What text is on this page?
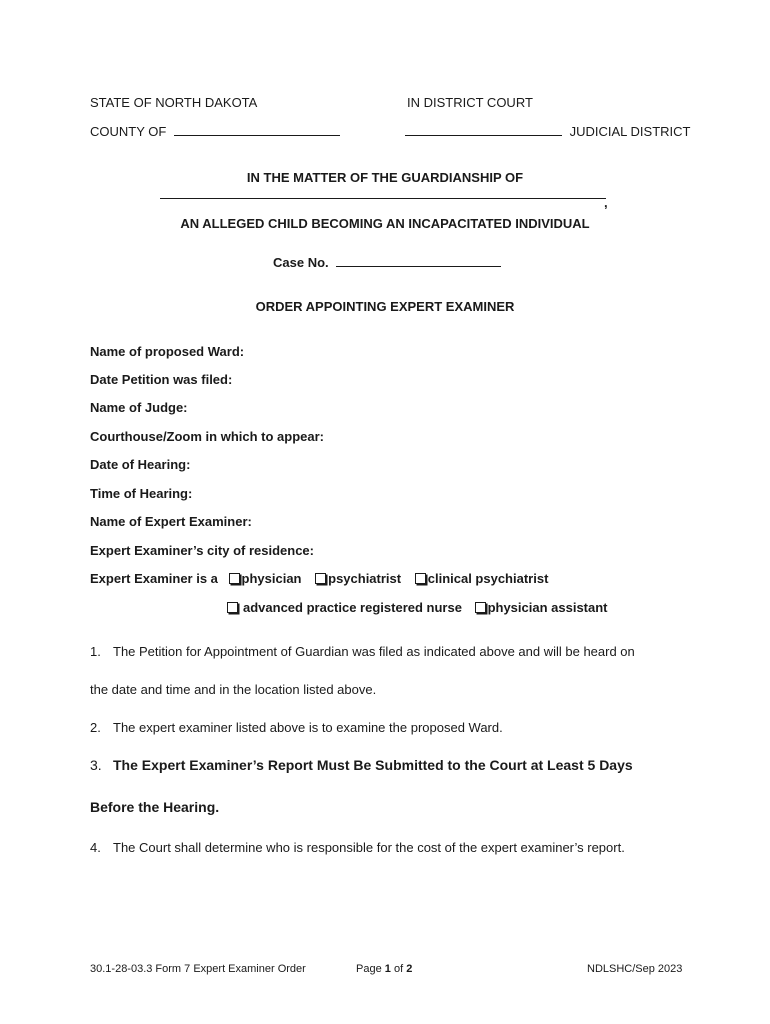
STATE OF NORTH DAKOTA	IN DISTRICT COURT
COUNTY OF	JUDICIAL DISTRICT
IN THE MATTER OF THE GUARDIANSHIP OF
,
AN ALLEGED CHILD BECOMING AN INCAPACITATED INDIVIDUAL
Case No.
ORDER APPOINTING EXPERT EXAMINER
Name of proposed Ward:
Date Petition was filed:
Name of Judge:
Courthouse/Zoom in which to appear:
Date of Hearing:
Time of Hearing:
Name of Expert Examiner:
Expert Examiner’s city of residence:
Expert Examiner is a physician psychiatrist clinical psychiatrist
advanced practice registered nurse physician assistant
1. The Petition for Appointment of Guardian was filed as indicated above and will be heard on
the date and time and in the location listed above.
2. The expert examiner listed above is to examine the proposed Ward.
3. The Expert Examiner’s Report Must Be Submitted to the Court at Least 5 Days
Before the Hearing.
4. The Court shall determine who is responsible for the cost of the expert examiner’s report.
30.1-28-03.3 Form 7 Expert Examiner Order	Page 1 of 2	NDLSHC/Sep 2023
